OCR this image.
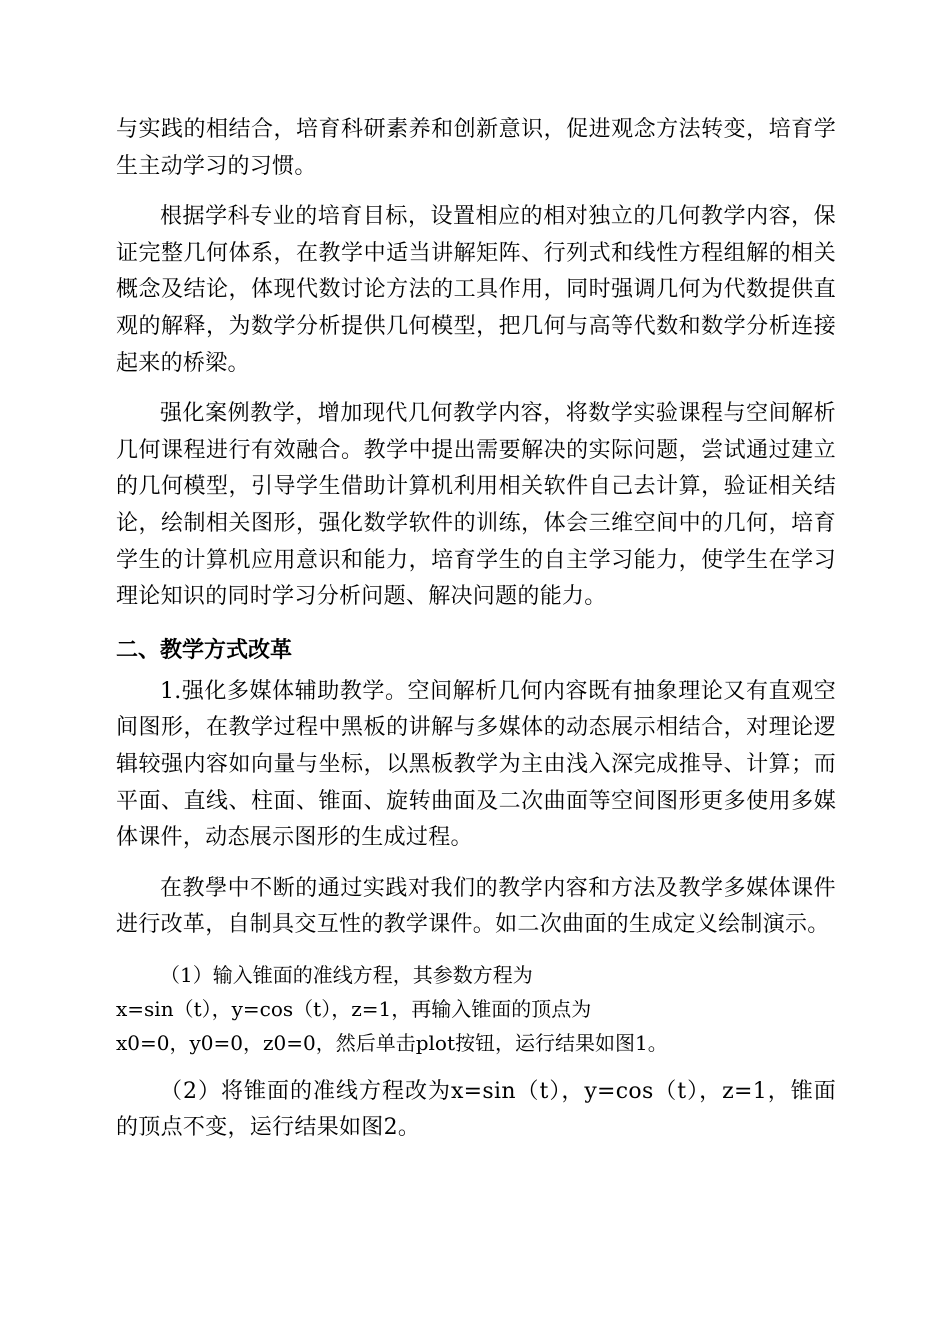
与实践的相结合，培育科研素养和创新意识，促进观念方法转变，培育学生主动学习的习惯。

根据学科专业的培育目标，设置相应的相对独立的几何教学内容，保证完整几何体系，在教学中适当讲解矩阵、行列式和线性方程组解的相关概念及结论，体现代数讨论方法的工具作用，同时强调几何为代数提供直观的解释，为数学分析提供几何模型，把几何与高等代数和数学分析连接起来的桥梁。

强化案例教学，增加现代几何教学内容，将数学实验课程与空间解析几何课程进行有效融合。教学中提出需要解决的实际问题，尝试通过建立的几何模型，引导学生借助计算机利用相关软件自己去计算，验证相关结论，绘制相关图形，强化数学软件的训练，体会三维空间中的几何，培育学生的计算机应用意识和能力，培育学生的自主学习能力，使学生在学习理论知识的同时学习分析问题、解决问题的能力。

二、教学方式改革

1.强化多媒体辅助教学。空间解析几何内容既有抽象理论又有直观空间图形，在教学过程中黑板的讲解与多媒体的动态展示相结合，对理论逻辑较强内容如向量与坐标，以黑板教学为主由浅入深完成推导、计算；而平面、直线、柱面、锥面、旋转曲面及二次曲面等空间图形更多使用多媒体课件，动态展示图形的生成过程。

在教學中不断的通过实践对我们的教学内容和方法及教学多媒体课件进行改革，自制具交互性的教学课件。如二次曲面的生成定义绘制演示。

（1）输入锥面的准线方程，其参数方程为

x=sin（t），y=cos（t），z=1，再输入锥面的顶点为

x0=0，y0=0，z0=0，然后单击plot按钮，运行结果如图1。

（2）将锥面的准线方程改为x=sin（t），y=cos（t），z=1，锥面的顶点不变，运行结果如图2。
